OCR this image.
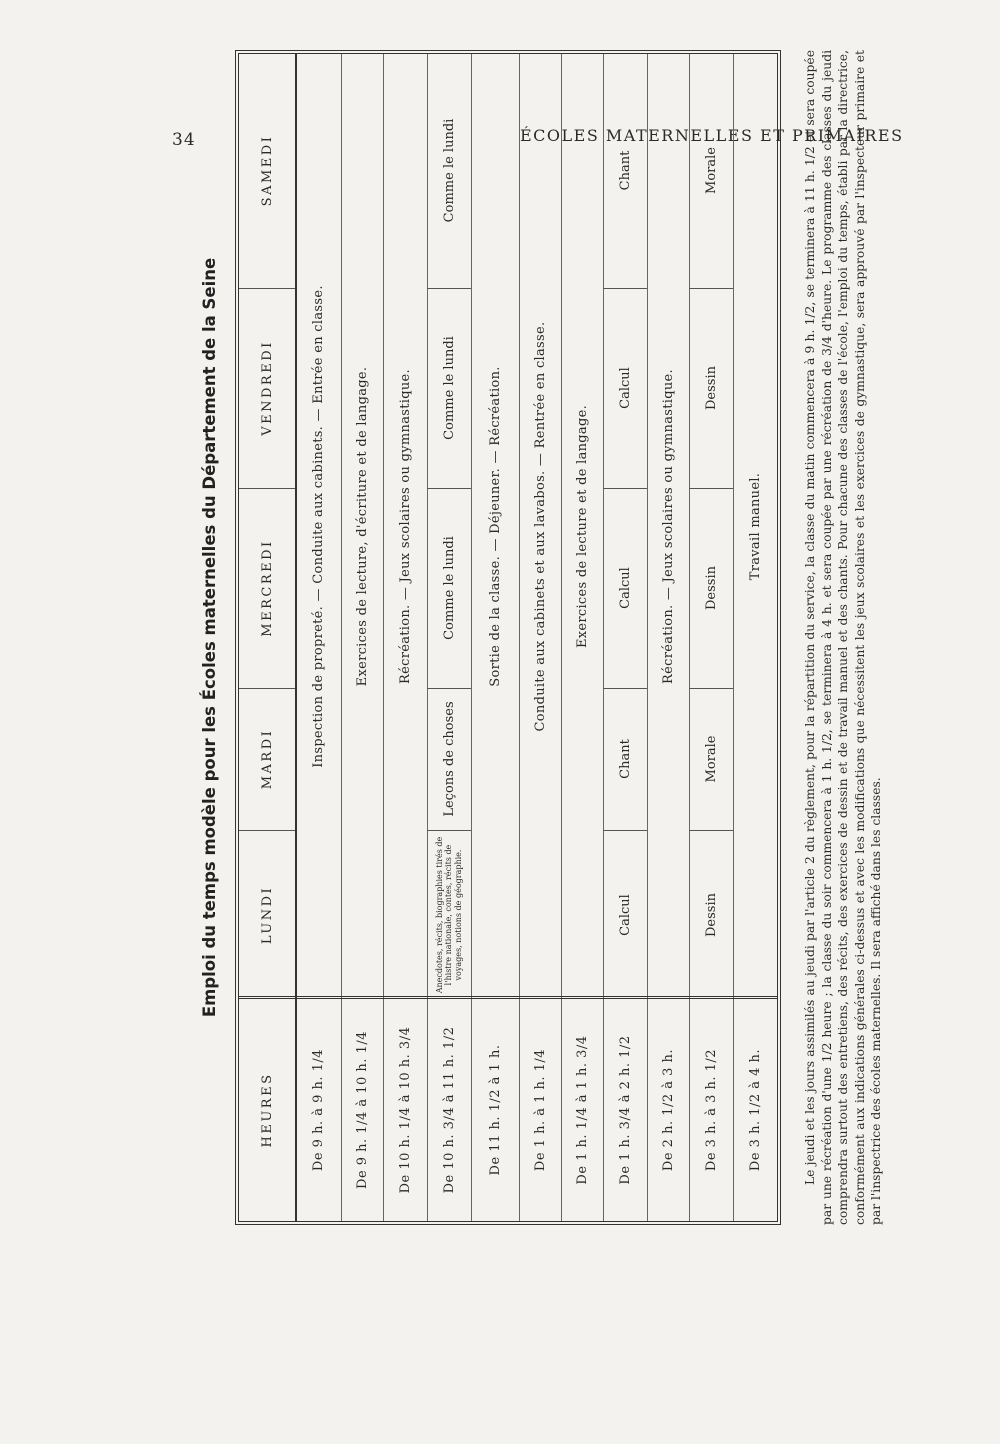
34	ÉCOLES MATERNELLES ET PRIMAIRES
Emploi du temps modèle pour les Écoles maternelles du Département de la Seine
HEURES
LUNDI
MARDI
MERCREDI
VENDREDI
SAMEDI
De 9 h. à 9 h. 1/4
Inspection de propreté. — Conduite aux cabinets. — Entrée en classe.
De 9 h. 1/4 à 10 h. 1/4
Exercices de lecture, d'écriture et de langage.
De 10 h. 1/4 à 10 h. 3/4
Récréation. — Jeux scolaires ou gymnastique.
De 10 h. 3/4 à 11 h. 1/2
Anecdotes, récits, biographies tirés de l'histre nationale, contes, récits de voyages, notions de géographie.
Leçons de choses
Comme le lundi
Comme le lundi
Comme le lundi
De 11 h. 1/2 à 1 h.
Sortie de la classe. — Déjeuner. — Récréation.
De 1 h. à 1 h. 1/4
Conduite aux cabinets et aux lavabos. — Rentrée en classe.
De 1 h. 1/4 à 1 h. 3/4
Exercices de lecture et de langage.
De 1 h. 3/4 à 2 h. 1/2
Calcul
Chant
Calcul
Calcul
Chant
De 2 h. 1/2 à 3 h.
Récréation. — Jeux scolaires ou gymnastique.
De 3 h. à 3 h. 1/2
Dessin
Morale
Dessin
Dessin
Morale
De 3 h. 1/2 à 4 h.
Travail manuel.	Le jeudi et les jours assimilés au jeudi par l'article 2 du règlement, pour la répartition du service, la classe du matin commencera à 9 h. 1/2, se terminera à 11 h. 1/2 et sera coupée par une récréation d'une 1/2 heure ; la classe du soir commencera à 1 h. 1/2, se terminera à 4 h. et sera coupée par une récréation de 3/4 d'heure. Le programme des classes du jeudi comprendra surtout des entretiens, des récits, des exercices de dessin et de travail manuel et des chants. Pour chacune des classes de l'école, l'emploi du temps, établi par la directrice, conformément aux indications générales ci-dessus et avec les modifications que nécessitent les jeux scolaires et les exercices de gymnastique, sera approuvé par l'inspecteur primaire et par l'inspectrice des écoles maternelles. Il sera affiché dans les classes.
